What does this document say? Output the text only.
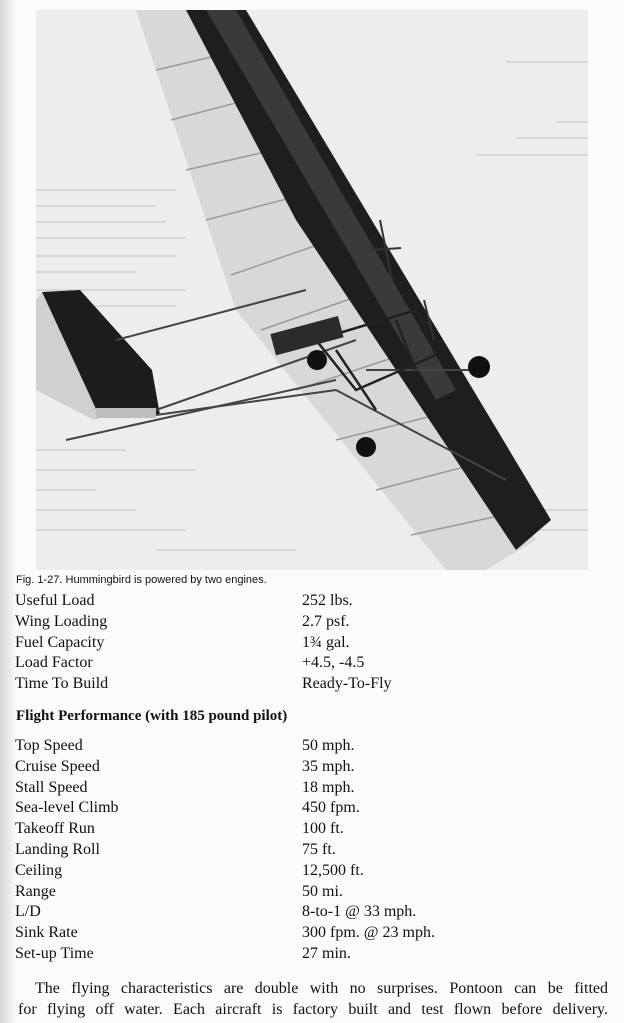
Fig. 1-27. Hummingbird is powered by two engines.
Useful Load	252 lbs.
Wing Loading	2.7 psf.
Fuel Capacity	1¾ gal.
Load Factor	+4.5, -4.5
Time To Build	Ready-To-Fly
Flight Performance (with 185 pound pilot)
Top Speed	50 mph.
Cruise Speed	35 mph.
Stall Speed	18 mph.
Sea-level Climb	450 fpm.
Takeoff Run	100 ft.
Landing Roll	75 ft.
Ceiling	12,500 ft.
Range	50 mi.
L/D	8-to-1 @ 33 mph.
Sink Rate	300 fpm. @ 23 mph.
Set-up Time	27 min.

The flying characteristics are double with no surprises. Pontoon can be fitted

for flying off water. Each aircraft is factory built and test flown before delivery.
